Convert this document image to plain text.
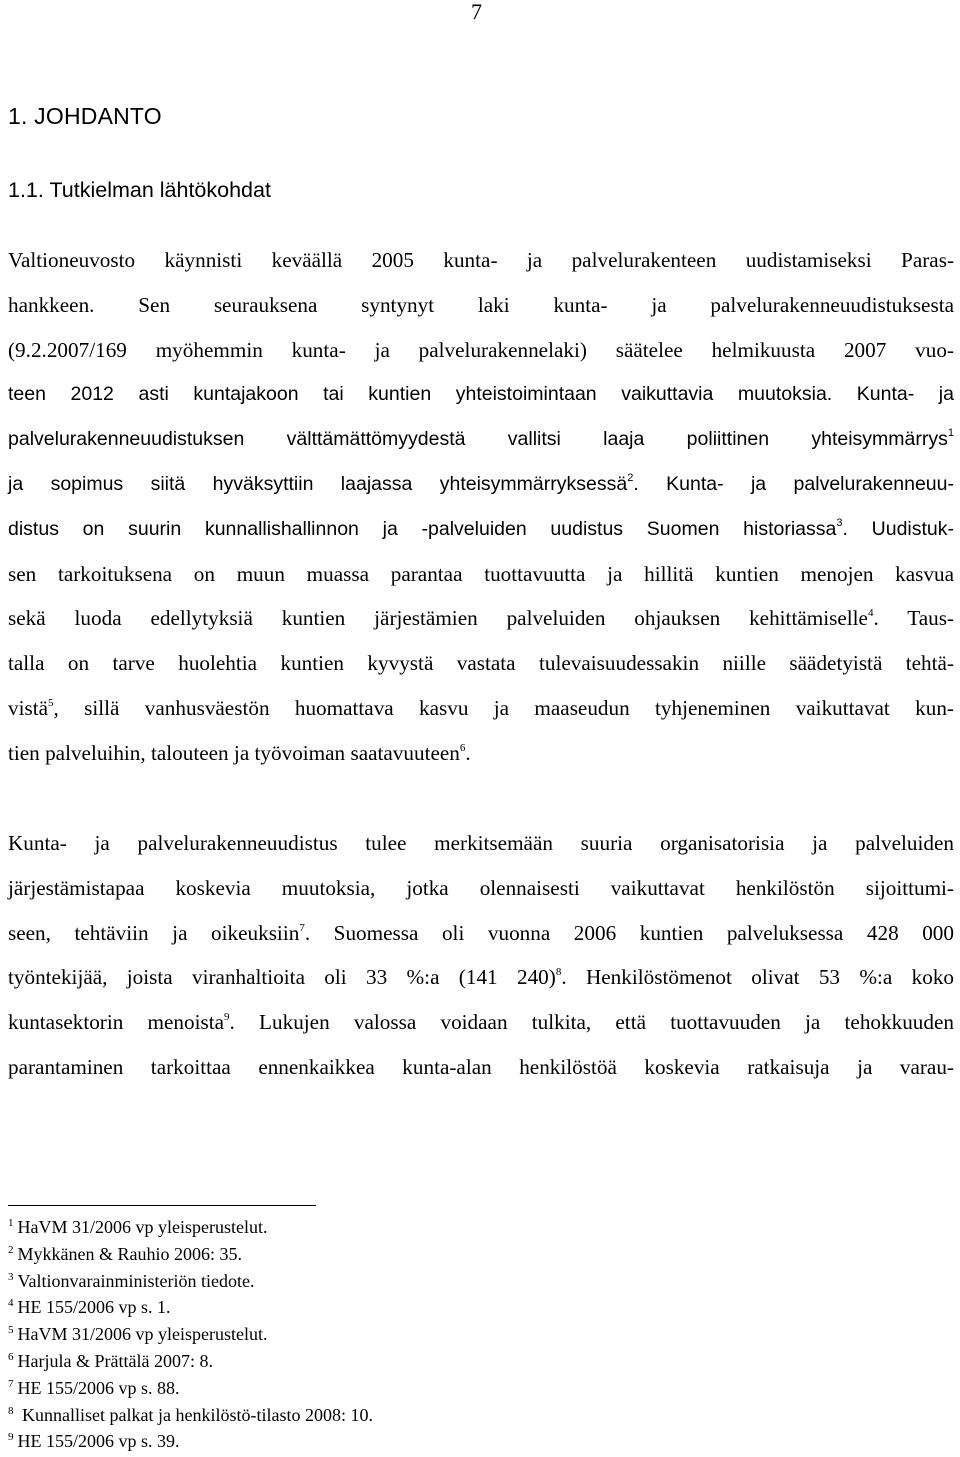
7
1. JOHDANTO
1.1. Tutkielman lähtökohdat
Valtioneuvosto käynnisti keväällä 2005 kunta- ja palvelurakenteen uudistamiseksi Paras-
hankkeen. Sen seurauksena syntynyt laki kunta- ja palvelurakenneuudistuksesta
(9.2.2007/169 myöhemmin kunta- ja palvelurakennelaki) säätelee helmikuusta 2007 vuo-
teen 2012 asti kuntajakoon tai kuntien yhteistoimintaan vaikuttavia muutoksia. Kunta- ja
palvelurakenneuudistuksen välttämättömyydestä vallitsi laaja poliittinen yhteisymmärrys$^1$
ja sopimus siitä hyväksyttiin laajassa yhteisymmärryksessä$^2$. Kunta- ja palvelurakenneuu-
distus on suurin kunnallishallinnon ja -palveluiden uudistus Suomen historiassa$^3$. Uudistuk-
sen tarkoituksena on muun muassa parantaa tuottavuutta ja hillitä kuntien menojen kasvua
sekä luoda edellytyksiä kuntien järjestämien palveluiden ohjauksen kehittämiselle$^4$. Taus-
talla on tarve huolehtia kuntien kyvystä vastata tulevaisuudessakin niille säädetyistä tehtä-
vistä$^5$, sillä vanhusväestön huomattava kasvu ja maaseudun tyhjeneminen vaikuttavat kun-
tien palveluihin, talouteen ja työvoiman saatavuuteen$^6$.
Kunta- ja palvelurakenneuudistus tulee merkitsemään suuria organisatorisia ja palveluiden
järjestämistapaa koskevia muutoksia, jotka olennaisesti vaikuttavat henkilöstön sijoittumi-
seen, tehtäviin ja oikeuksiin$^7$. Suomessa oli vuonna 2006 kuntien palveluksessa 428 000
työntekijää, joista viranhaltioita oli 33 %:a (141 240)$^8$. Henkilöstömenot olivat 53 %:a koko
kuntasektorin menoista$^9$. Lukujen valossa voidaan tulkita, että tuottavuuden ja tehokkuuden
parantaminen tarkoittaa ennenkaikkea kunta-alan henkilöstöä koskevia ratkaisuja ja varau-
$^1$ HaVM 31/2006 vp yleisperustelut.
$^2$ Mykkänen & Rauhio 2006: 35.
$^3$ Valtionvarainministeriön tiedote.
$^4$ HE 155/2006 vp s. 1.
$^5$ HaVM 31/2006 vp yleisperustelut.
$^6$ Harjula & Prättälä 2007: 8.
$^7$ HE 155/2006 vp s. 88.
$^8$ Kunnalliset palkat ja henkilöstö-tilasto 2008: 10.
$^9$ HE 155/2006 vp s. 39.
